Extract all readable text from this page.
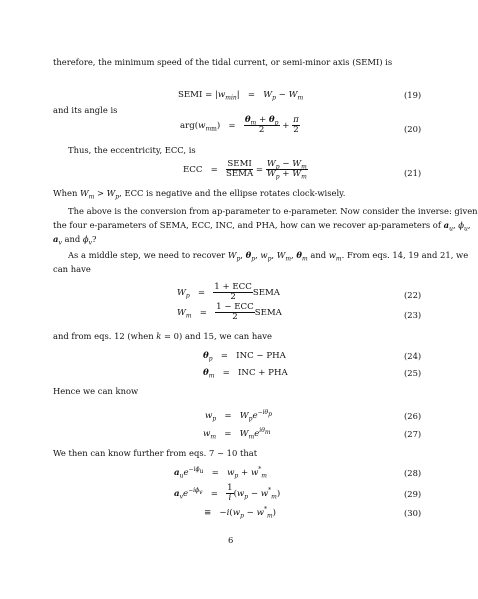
therefore, the minimum speed of the tidal current, or semi-minor axis (SEMI) is
SEMI = $|w_{min}| = W_p - W_m$	(19)
and its angle is
$arg(w_{mm}) = \frac{\theta_m + \theta_p}{2} + \frac{\pi}{2}$	(20)
Thus, the eccentricity, ECC, is
ECC   = $\frac{\text{SEMI}}{\text{SEMA}} = \frac{W_p - W_m}{W_p + W_m}$	(21)
When $W_m > W_p$, ECC is negative and the ellipse rotates clock-wisely.
The above is the conversion from ap-parameter to e-parameter. Now consider the inverse: given
the four e-parameters of SEMA, ECC, INC, and PHA, how can we recover ap-parameters of $a_u$, $\phi_u$,
$a_v$ and $\phi_v$?
As a middle step, we need to recover $W_p$, $\theta_p$, $w_p$, $W_m$, $\theta_m$ and $w_m$. From eqs. 14, 19 and 21, we
can have
$W_p = \frac{\text{1 + ECC}}{2}$ SEMA	(22)
$W_m = \frac{\text{1 − ECC}}{2}$ SEMA	(23)
and from eqs. 12 (when k = 0) and 15, we can have
$\theta_p$   =   INC − PHA	(24)
$\theta_m$   =   INC + PHA	(25)
Hence we can know
$w_p = W_pe^{-i\theta_p}$	(26)
$w_m = W_me^{i\theta_m}$	(27)
We then can know further from eqs. 7 ~ 10 that
$a_ue^{-i\phi_u} = w_p + w^*_m$	(28)
$a_ve^{-i\phi_v} = \frac{1}{i} (w_p - w^*_m)$	(29)
≡   $-i(w_p - w^*_m)$	(30)
6
